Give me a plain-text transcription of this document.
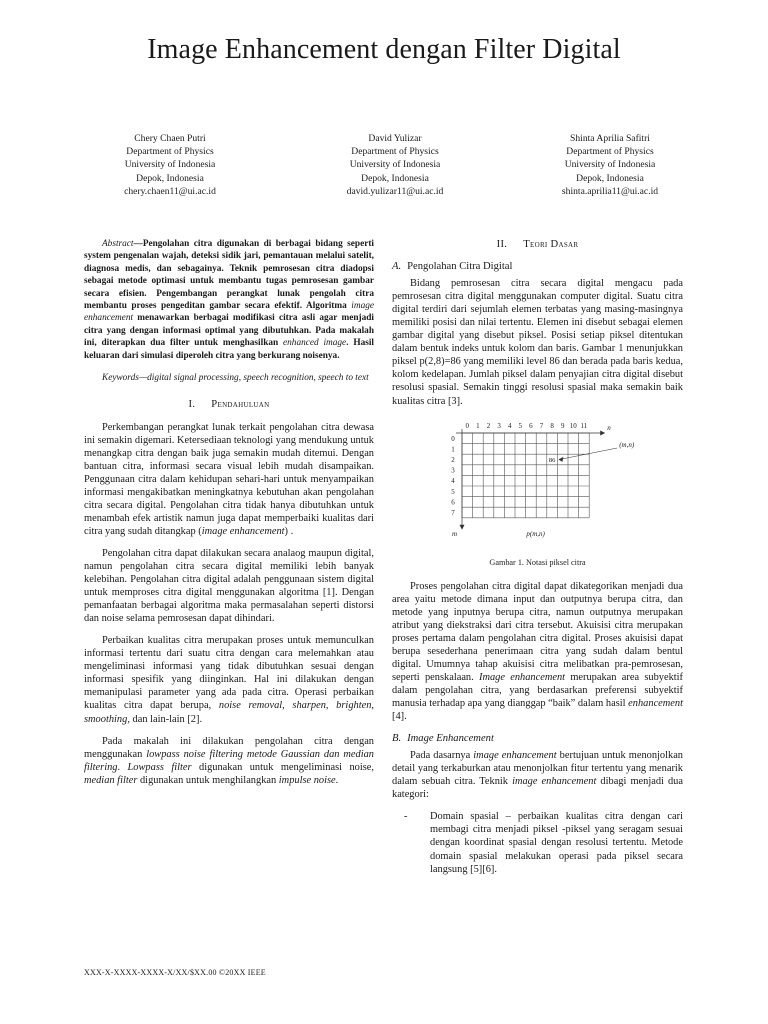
Image Enhancement dengan Filter Digital
Chery Chaen Putri
Department of Physics
University of Indonesia
Depok, Indonesia
chery.chaen11@ui.ac.id
David Yulizar
Department of Physics
University of Indonesia
Depok, Indonesia
david.yulizar11@ui.ac.id
Shinta Aprilia Safitri
Department of Physics
University of Indonesia
Depok, Indonesia
shinta.aprilia11@ui.ac.id

Abstract—Pengolahan citra digunakan di berbagai bidang seperti system pengenalan wajah, deteksi sidik jari, pemantauan melalui satelit, diagnosa medis, dan sebagainya. Teknik pemrosesan citra diadopsi sebagai metode optimasi untuk membantu tugas pemrosesan gambar secara efisien. Pengembangan perangkat lunak pengolah citra membantu proses pengeditan gambar secara efektif. Algoritma image enhancement menawarkan berbagai modifikasi citra asli agar menjadi citra yang dengan informasi optimal yang dibutuhkan. Pada makalah ini, diterapkan dua filter untuk menghasilkan enhanced image. Hasil keluaran dari simulasi diperoleh citra yang berkurang noisenya.

Keywords—digital signal processing, speech recognition, speech to text

I. Pendahuluan

Perkembangan perangkat lunak terkait pengolahan citra dewasa ini semakin digemari. Ketersediaan teknologi yang mendukung untuk menangkap citra dengan baik juga semakin mudah ditemui. Dengan bantuan citra, informasi secara visual lebih mudah disampaikan. Penggunaan citra dalam kehidupan sehari-hari untuk menyampaikan informasi mengakibatkan meningkatnya kebutuhan akan pengolahan citra secara digital. Pengolahan citra tidak hanya dibutuhkan untuk menambah efek artistik namun juga dapat memperbaiki kualitas dari citra yang sudah ditangkap (image enhancement) .

Pengolahan citra dapat dilakukan secara analaog maupun digital, namun pengolahan citra secara digital memiliki lebih banyak kelebihan. Pengolahan citra digital adalah penggunaan sistem digital untuk memproses citra digital menggunakan algoritma [1]. Dengan pemanfaatan berbagai algoritma maka permasalahan seperti distorsi dan noise selama pemrosesan dapat dihindari.

Perbaikan kualitas citra merupakan proses untuk memunculkan informasi tertentu dari suatu citra dengan cara melemahkan atau mengeliminasi informasi yang tidak dibutuhkan sesuai dengan informasi spesifik yang diinginkan. Hal ini dilakukan dengan memanipulasi parameter yang ada pada citra. Operasi perbaikan kualitas citra dapat berupa, noise removal, sharpen, brighten, smoothing, dan lain-lain [2].

Pada makalah ini dilakukan pengolahan citra dengan menggunakan lowpass noise filtering metode Gaussian dan median filtering. Lowpass filter digunakan untuk mengeliminasi noise, median filter digunakan untuk menghilangkan impulse noise.

II. Teori Dasar
A. Pengolahan Citra Digital

Bidang pemrosesan citra secara digital mengacu pada pemrosesan citra digital menggunakan computer digital. Suatu citra digital terdiri dari sejumlah elemen terbatas yang masing-masingnya memiliki posisi dan nilai tertentu. Elemen ini disebut sebagai elemen gambar digital yang disebut piksel. Posisi setiap piksel ditentukan dalam bentuk indeks untuk kolom dan baris. Gambar 1 menunjukkan piksel p(2,8)=86 yang memiliki level 86 dan berada pada baris kedua, kolom kedelapan. Jumlah piksel dalam penyajian citra digital disebut resolusi spasial. Semakin tinggi resolusi spasial maka semakin baik kualitas citra [3].

0 1 2 3 4 5 6 7 8 9 10 11
0
1
2
3
4
5
6
7
n
m
86
(m,n)
p(m,n)
Gambar 1. Notasi piksel citra

Proses pengolahan citra digital dapat dikategorikan menjadi dua area yaitu metode dimana input dan outputnya berupa citra, dan metode yang inputnya berupa citra, namun outputnya merupakan atribut yang diekstraksi dari citra tersebut. Akuisisi citra merupakan proses pertama dalam pengolahan citra digital. Proses akuisisi dapat berupa sesederhana penerimaan citra yang sudah dalam bentul digital. Umumnya tahap akuisisi citra melibatkan pra-pemrosesan, seperti penskalaan. Image enhancement merupakan area subyektif dalam pengolahan citra, yang berdasarkan preferensi subyektif manusia terhadap apa yang dianggap “baik” dalam hasil enhancement [4].

B. Image Enhancement

Pada dasarnya image enhancement bertujuan untuk menonjolkan detail yang terkaburkan atau menonjolkan fitur tertentu yang menarik dalam sebuah citra. Teknik image enhancement dibagi menjadi dua kategori:

- Domain spasial – perbaikan kualitas citra dengan cari membagi citra menjadi piksel -piksel yang seragam sesuai dengan koordinat spasial dengan resolusi tertentu. Metode domain spasial melakukan operasi pada piksel secara langsung [5][6].
XXX-X-XXXX-XXXX-X/XX/$XX.00 ©20XX IEEE
